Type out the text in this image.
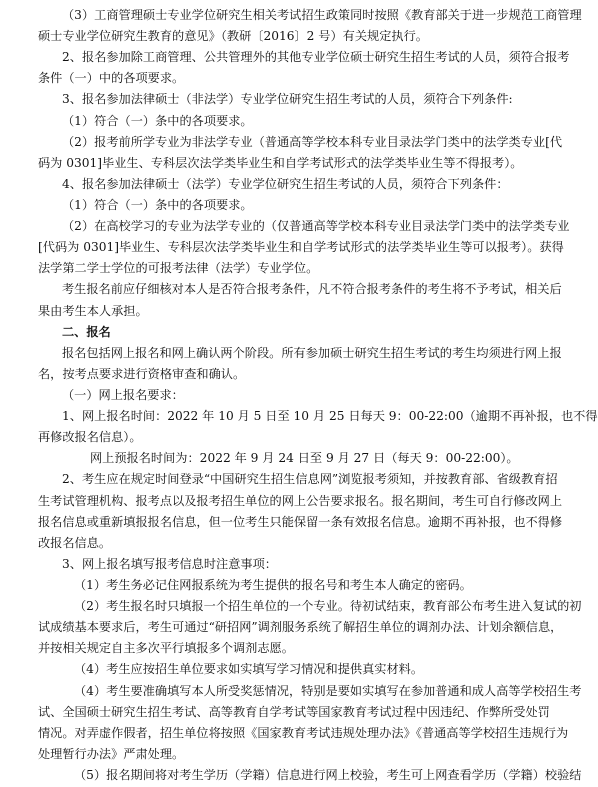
（3）工商管理硕士专业学位研究生相关考试招生政策同时按照《教育部关于进一步规范工商管理
硕士专业学位研究生教育的意见》（教研〔2016〕2 号）有关规定执行。
2、报名参加除工商管理、公共管理外的其他专业学位硕士研究生招生考试的人员，须符合报考
条件（一）中的各项要求。
3、报名参加法律硕士（非法学）专业学位研究生招生考试的人员，须符合下列条件:
（1）符合（一）条中的各项要求。
（2）报考前所学专业为非法学专业（普通高等学校本科专业目录法学门类中的法学类专业[代
码为 0301]毕业生、专科层次法学类毕业生和自学考试形式的法学类毕业生等不得报考）。
4、报名参加法律硕士（法学）专业学位研究生招生考试的人员，须符合下列条件：
（1）符合（一）条中的各项要求。
（2）在高校学习的专业为法学专业的（仅普通高等学校本科专业目录法学门类中的法学类专业
[代码为 0301]毕业生、专科层次法学类毕业生和自学考试形式的法学类毕业生等可以报考）。获得
法学第二学士学位的可报考法律（法学）专业学位。
考生报名前应仔细核对本人是否符合报考条件，凡不符合报考条件的考生将不予考试，相关后
果由考生本人承担。
二、报名
报名包括网上报名和网上确认两个阶段。所有参加硕士研究生招生考试的考生均须进行网上报
名，按考点要求进行资格审查和确认。
（一）网上报名要求：
1、网上报名时间：2022 年 10 月 5 日至 10 月 25 日每天 9：00-22:00（逾期不再补报，也不得
再修改报名信息）。
网上预报名时间为：2022 年 9 月 24 日至 9 月 27 日（每天 9：00-22:00）。
2、考生应在规定时间登录“中国研究生招生信息网”浏览报考须知，并按教育部、省级教育招
生考试管理机构、报考点以及报考招生单位的网上公告要求报名。报名期间，考生可自行修改网上
报名信息或重新填报报名信息，但一位考生只能保留一条有效报名信息。逾期不再补报，也不得修
改报名信息。
3、网上报名填写报考信息时注意事项：
（1）考生务必记住网报系统为考生提供的报名号和考生本人确定的密码。
（2）考生报名时只填报一个招生单位的一个专业。待初试结束，教育部公布考生进入复试的初
试成绩基本要求后，考生可通过“研招网”调剂服务系统了解招生单位的调剂办法、计划余额信息，
并按相关规定自主多次平行填报多个调剂志愿。
（4）考生应按招生单位要求如实填写学习情况和提供真实材料。
（4）考生要准确填写本人所受奖惩情况，特别是要如实填写在参加普通和成人高等学校招生考
试、全国硕士研究生招生考试、高等教育自学考试等国家教育考试过程中因违纪、作弊所受处罚
情况。对弄虚作假者，招生单位将按照《国家教育考试违规处理办法》《普通高等学校招生违规行为
处理暂行办法》严肃处理。
（5）报名期间将对考生学历（学籍）信息进行网上校验，考生可上网查看学历（学籍）校验结
